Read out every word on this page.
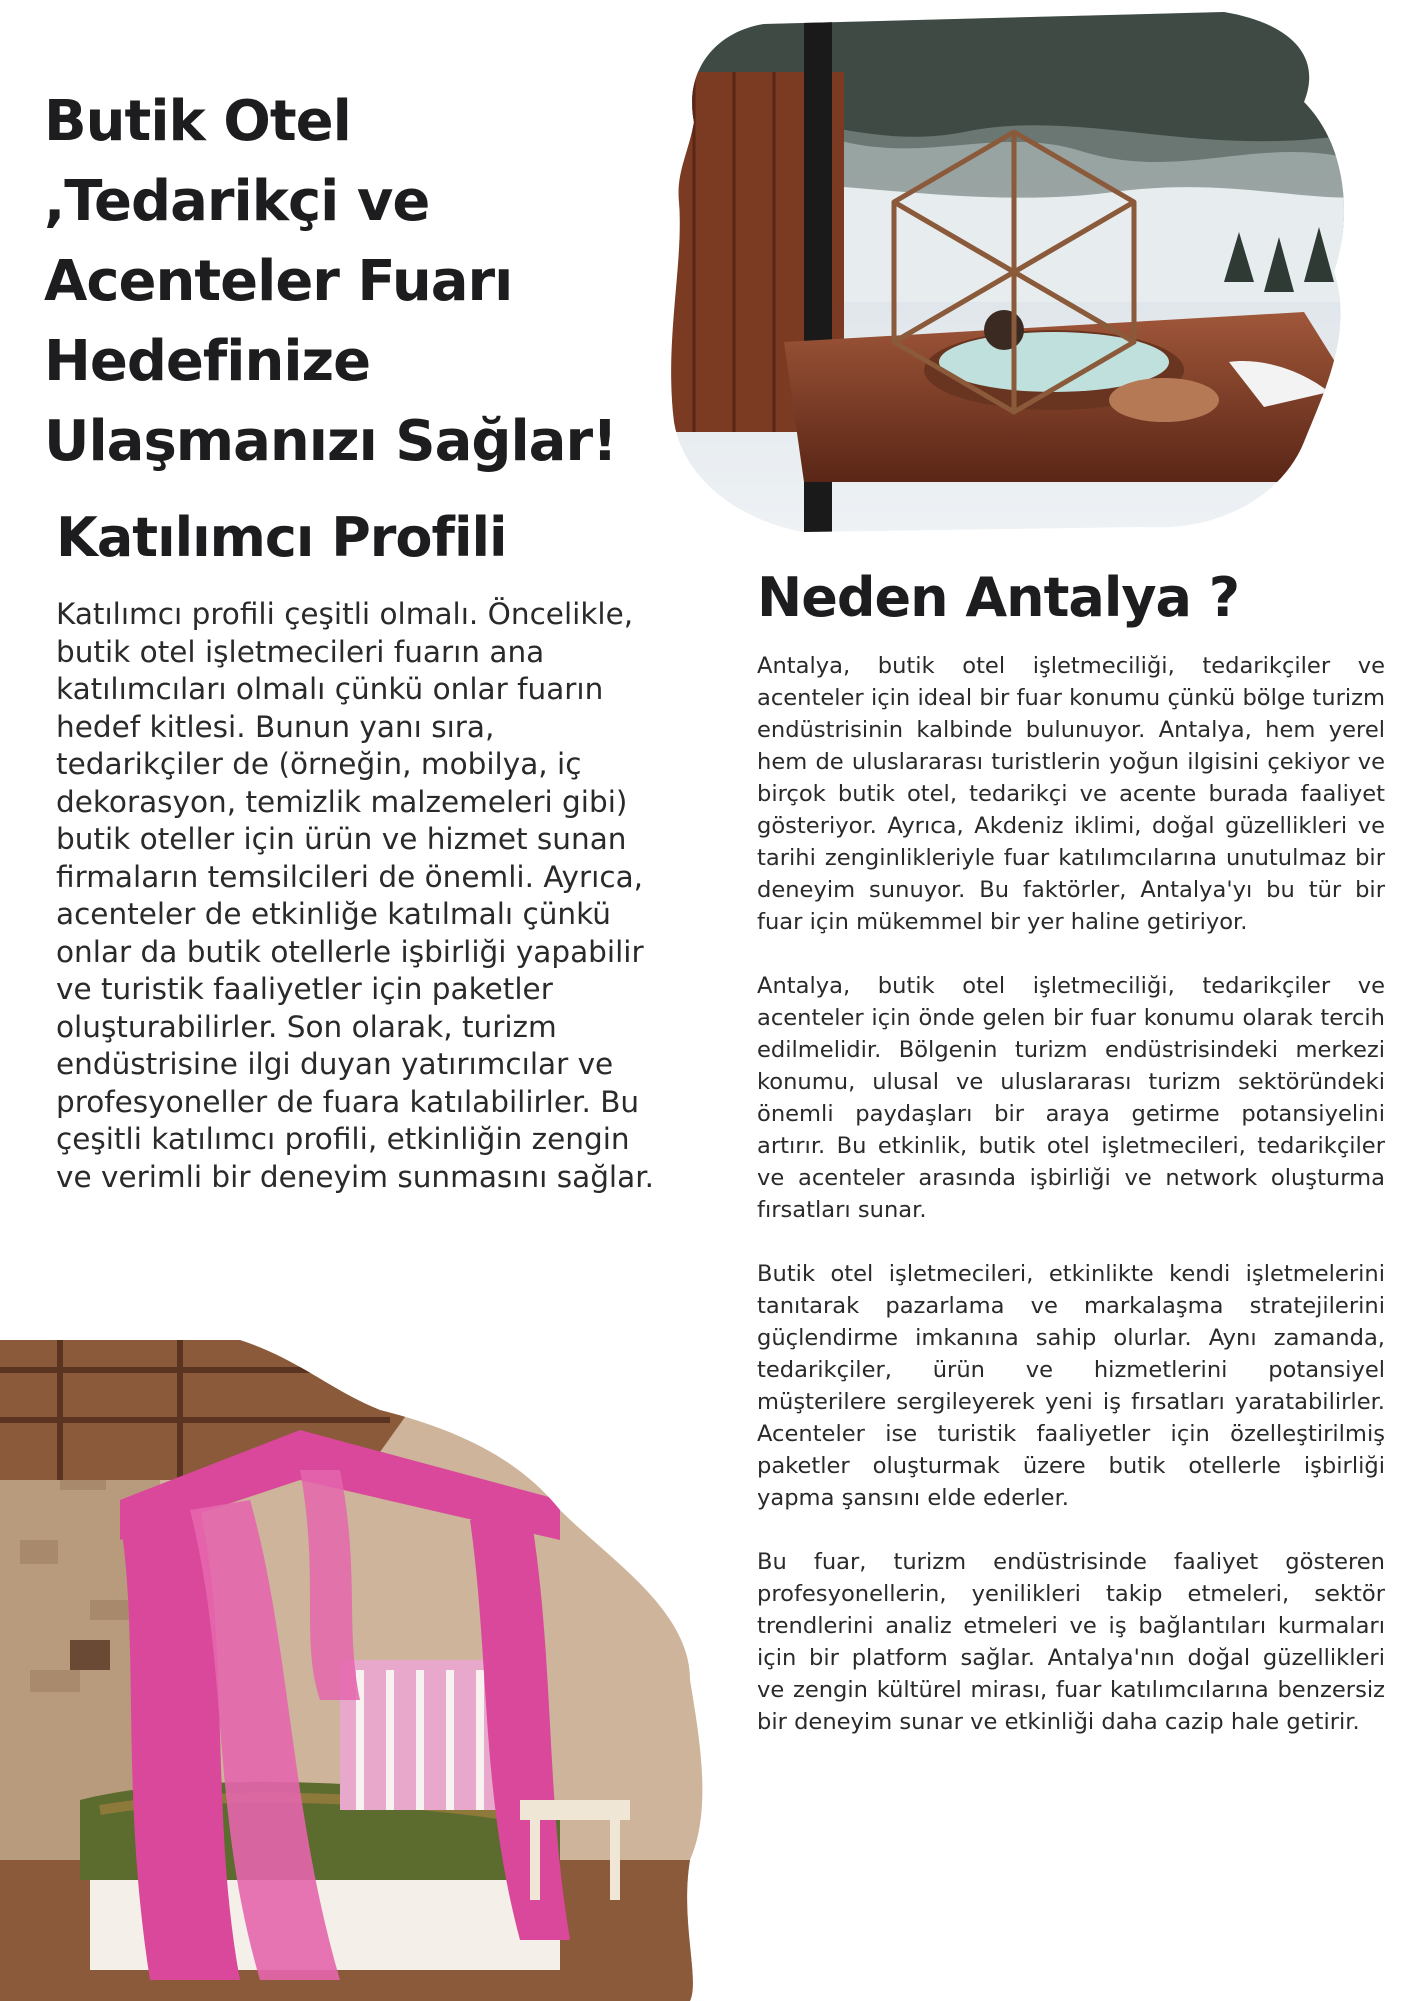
Butik Otel ,Tedarikçi ve Acenteler Fuarı Hedefinize Ulaşmanızı Sağlar!
Katılımcı Profili

Katılımcı profili çeşitli olmalı. Öncelikle, butik otel işletmecileri fuarın ana katılımcıları olmalı çünkü onlar fuarın hedef kitlesi. Bunun yanı sıra, tedarikçiler de (örneğin, mobilya, iç dekorasyon, temizlik malzemeleri gibi) butik oteller için ürün ve hizmet sunan firmaların temsilcileri de önemli. Ayrıca, acenteler de etkinliğe katılmalı çünkü onlar da butik otellerle işbirliği yapabilir ve turistik faaliyetler için paketler oluşturabilirler. Son olarak, turizm endüstrisine ilgi duyan yatırımcılar ve profesyoneller de fuara katılabilirler. Bu çeşitli katılımcı profili, etkinliğin zengin ve verimli bir deneyim sunmasını sağlar.

Neden Antalya ?

Antalya, butik otel işletmeciliği, tedarikçiler ve acenteler için ideal bir fuar konumu çünkü bölge turizm endüstrisinin kalbinde bulunuyor. Antalya, hem yerel hem de uluslararası turistlerin yoğun ilgisini çekiyor ve birçok butik otel, tedarikçi ve acente burada faaliyet gösteriyor. Ayrıca, Akdeniz iklimi, doğal güzellikleri ve tarihi zenginlikleriyle fuar katılımcılarına unutulmaz bir deneyim sunuyor. Bu faktörler, Antalya'yı bu tür bir fuar için mükemmel bir yer haline getiriyor.

Antalya, butik otel işletmeciliği, tedarikçiler ve acenteler için önde gelen bir fuar konumu olarak tercih edilmelidir. Bölgenin turizm endüstrisindeki merkezi konumu, ulusal ve uluslararası turizm sektöründeki önemli paydaşları bir araya getirme potansiyelini artırır. Bu etkinlik, butik otel işletmecileri, tedarikçiler ve acenteler arasında işbirliği ve network oluşturma fırsatları sunar.

Butik otel işletmecileri, etkinlikte kendi işletmelerini tanıtarak pazarlama ve markalaşma stratejilerini güçlendirme imkanına sahip olurlar. Aynı zamanda, tedarikçiler, ürün ve hizmetlerini potansiyel müşterilere sergileyerek yeni iş fırsatları yaratabilirler. Acenteler ise turistik faaliyetler için özelleştirilmiş paketler oluşturmak üzere butik otellerle işbirliği yapma şansını elde ederler.

Bu fuar, turizm endüstrisinde faaliyet gösteren profesyonellerin, yenilikleri takip etmeleri, sektör trendlerini analiz etmeleri ve iş bağlantıları kurmaları için bir platform sağlar. Antalya'nın doğal güzellikleri ve zengin kültürel mirası, fuar katılımcılarına benzersiz bir deneyim sunar ve etkinliği daha cazip hale getirir.
